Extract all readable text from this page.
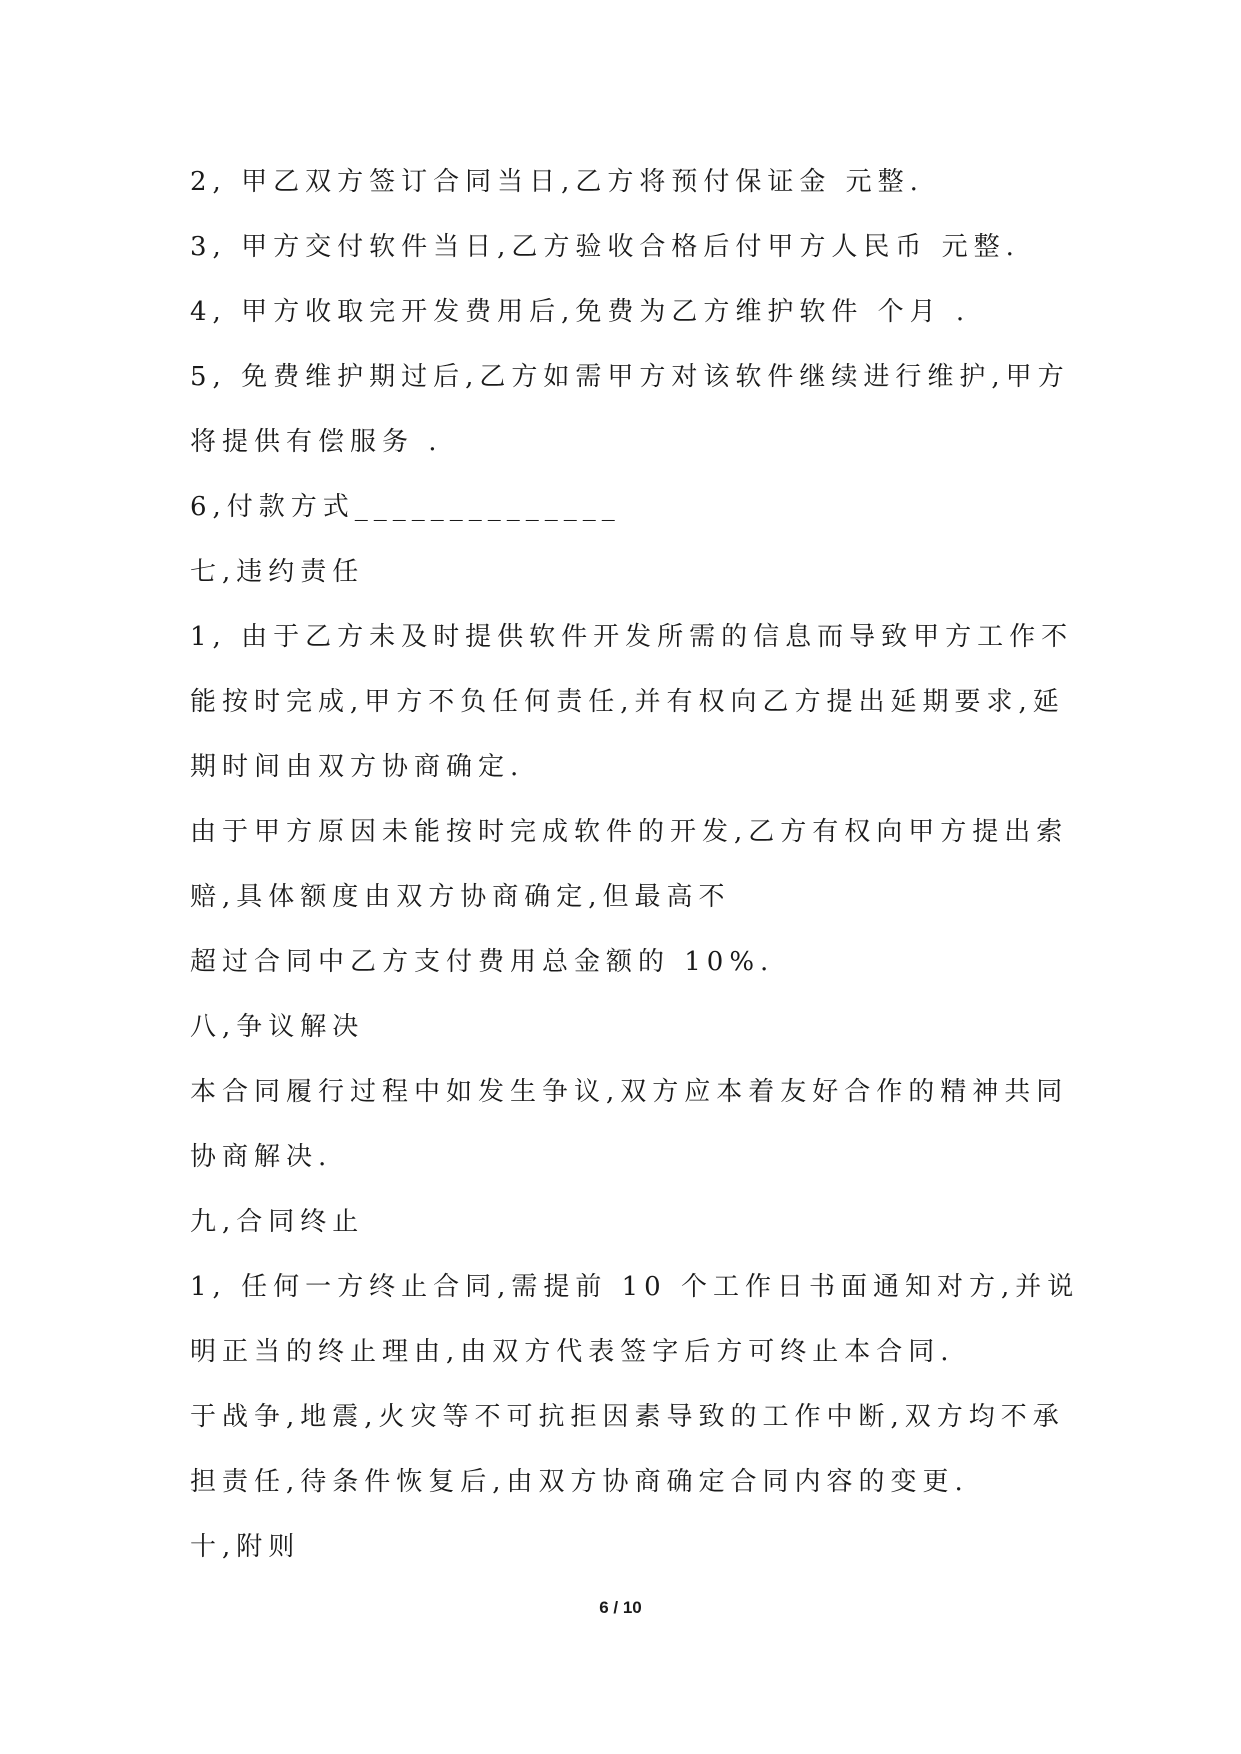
2, 甲乙双方签订合同当日,乙方将预付保证金 元整.
3, 甲方交付软件当日,乙方验收合格后付甲方人民币 元整.
4, 甲方收取完开发费用后,免费为乙方维护软件 个月 .
5, 免费维护期过后,乙方如需甲方对该软件继续进行维护,甲方
将提供有偿服务 .
6,付款方式______________
七,违约责任
1, 由于乙方未及时提供软件开发所需的信息而导致甲方工作不
能按时完成,甲方不负任何责任,并有权向乙方提出延期要求,延
期时间由双方协商确定.
由于甲方原因未能按时完成软件的开发,乙方有权向甲方提出索
赔,具体额度由双方协商确定,但最高不
超过合同中乙方支付费用总金额的 10%.
八,争议解决
本合同履行过程中如发生争议,双方应本着友好合作的精神共同
协商解决.
九,合同终止
1, 任何一方终止合同,需提前 10 个工作日书面通知对方,并说
明正当的终止理由,由双方代表签字后方可终止本合同.
于战争,地震,火灾等不可抗拒因素导致的工作中断,双方均不承
担责任,待条件恢复后,由双方协商确定合同内容的变更.
十,附则
6 / 10
